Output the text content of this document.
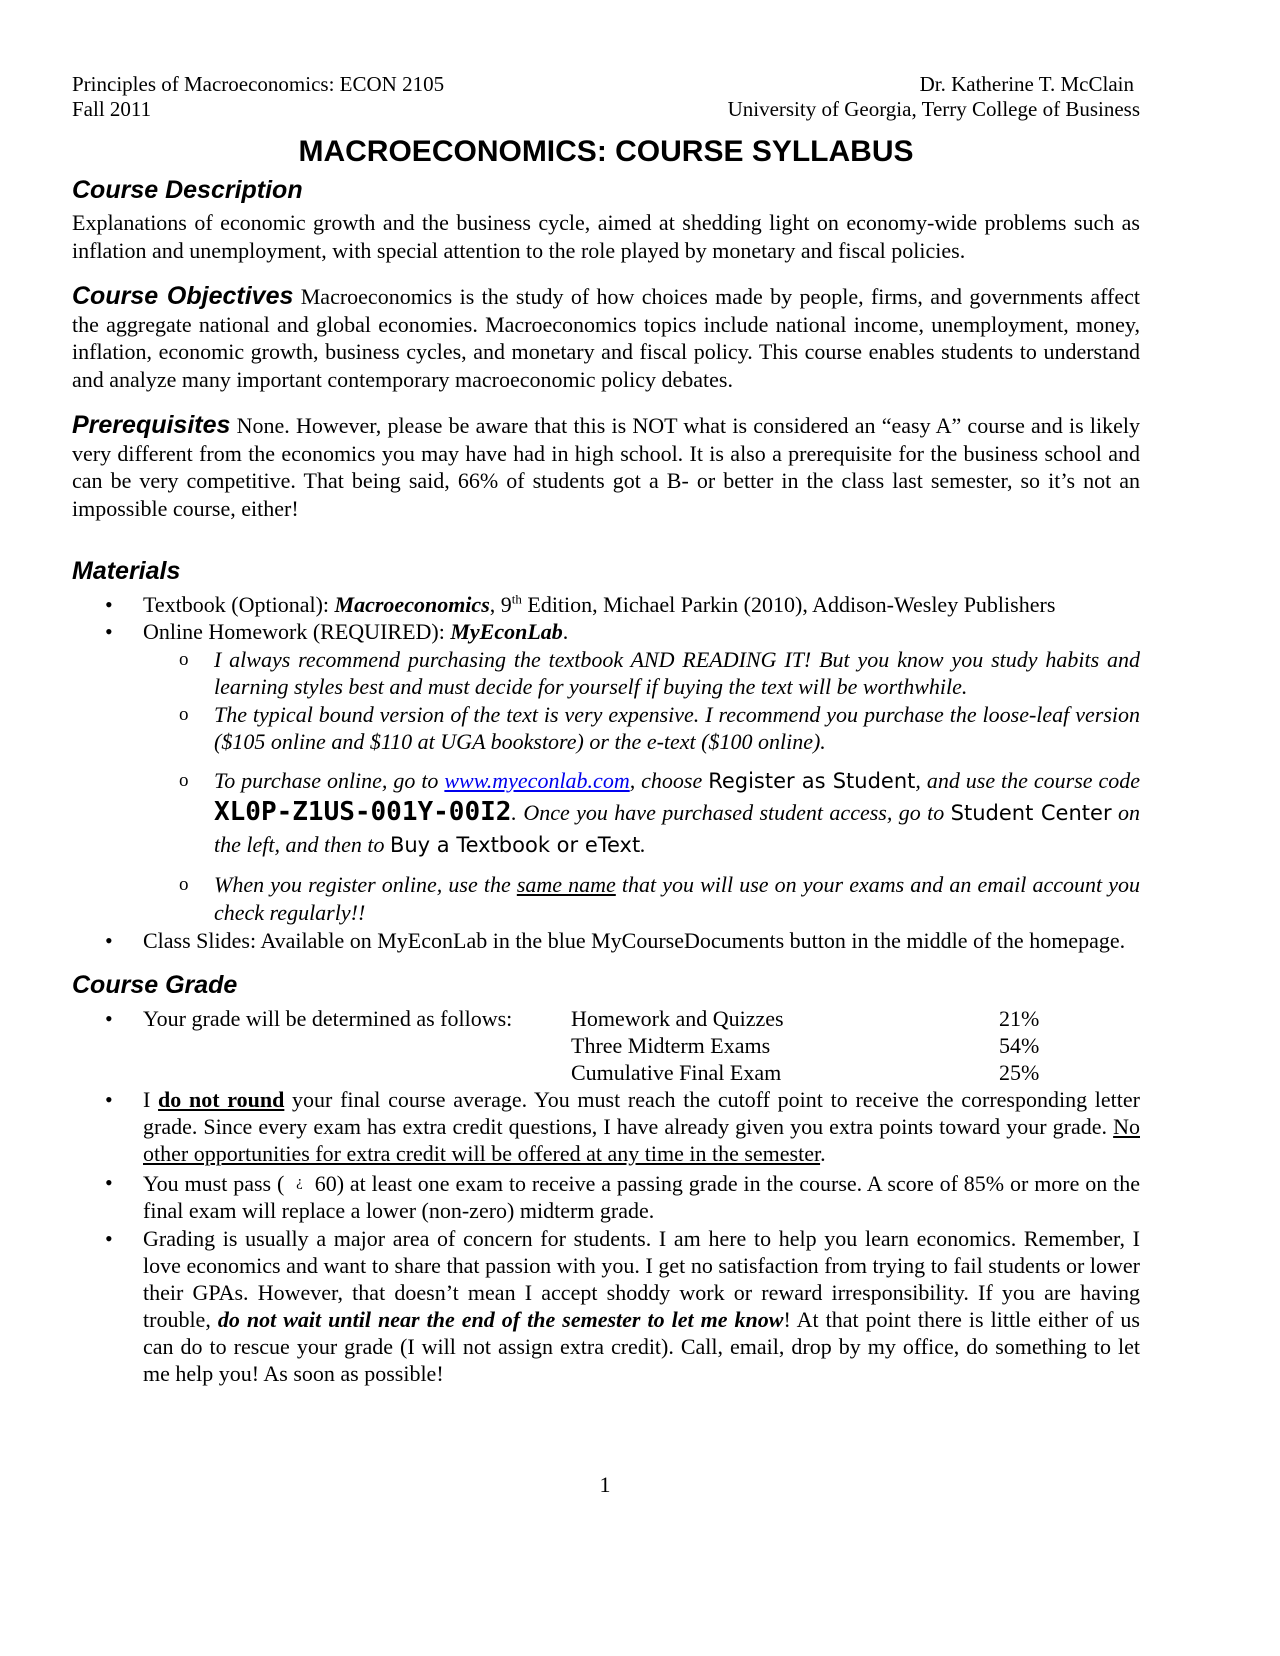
Principles of Macroeconomics: ECON 2105
Fall 2011
Dr. Katherine T. McClain
University of Georgia, Terry College of Business
MACROECONOMICS: COURSE SYLLABUS
Course Description

Explanations of economic growth and the business cycle, aimed at shedding light on economy-wide problems such as inflation and unemployment, with special attention to the role played by monetary and fiscal policies.

Course Objectives Macroeconomics is the study of how choices made by people, firms, and governments affect the aggregate national and global economies. Macroeconomics topics include national income, unemployment, money, inflation, economic growth, business cycles, and monetary and fiscal policy. This course enables students to understand and analyze many important contemporary macroeconomic policy debates.

Prerequisites None. However, please be aware that this is NOT what is considered an “easy A” course and is likely very different from the economics you may have had in high school. It is also a prerequisite for the business school and can be very competitive. That being said, 66% of students got a B- or better in the class last semester, so it’s not an impossible course, either!

Materials
• Textbook (Optional): Macroeconomics, 9th Edition, Michael Parkin (2010), Addison-Wesley Publishers
• Online Homework (REQUIRED): MyEconLab.
o I always recommend purchasing the textbook AND READING IT! But you know you study habits and learning styles best and must decide for yourself if buying the text will be worthwhile.
o The typical bound version of the text is very expensive. I recommend you purchase the loose-leaf version ($105 online and $110 at UGA bookstore) or the e-text ($100 online).
o To purchase online, go to www.myeconlab.com, choose Register as Student, and use the course code XL0P-Z1US-001Y-00I2. Once you have purchased student access, go to Student Center on the left, and then to Buy a Textbook or eText.
o When you register online, use the same name that you will use on your exams and an email account you check regularly!!
• Class Slides: Available on MyEconLab in the blue MyCourseDocuments button in the middle of the homepage.
Course Grade
• Your grade will be determined as follows:	Homework and Quizzes	21%
Three Midterm Exams	54%
Cumulative Final Exam	25%
• I do not round your final course average. You must reach the cutoff point to receive the corresponding letter grade. Since every exam has extra credit questions, I have already given you extra points toward your grade. No other opportunities for extra credit will be offered at any time in the semester.
• You must pass ( ¿ 60) at least one exam to receive a passing grade in the course. A score of 85% or more on the final exam will replace a lower (non-zero) midterm grade.
• Grading is usually a major area of concern for students. I am here to help you learn economics. Remember, I love economics and want to share that passion with you. I get no satisfaction from trying to fail students or lower their GPAs. However, that doesn’t mean I accept shoddy work or reward irresponsibility. If you are having trouble, do not wait until near the end of the semester to let me know! At that point there is little either of us can do to rescue your grade (I will not assign extra credit). Call, email, drop by my office, do something to let me help you! As soon as possible!
1
